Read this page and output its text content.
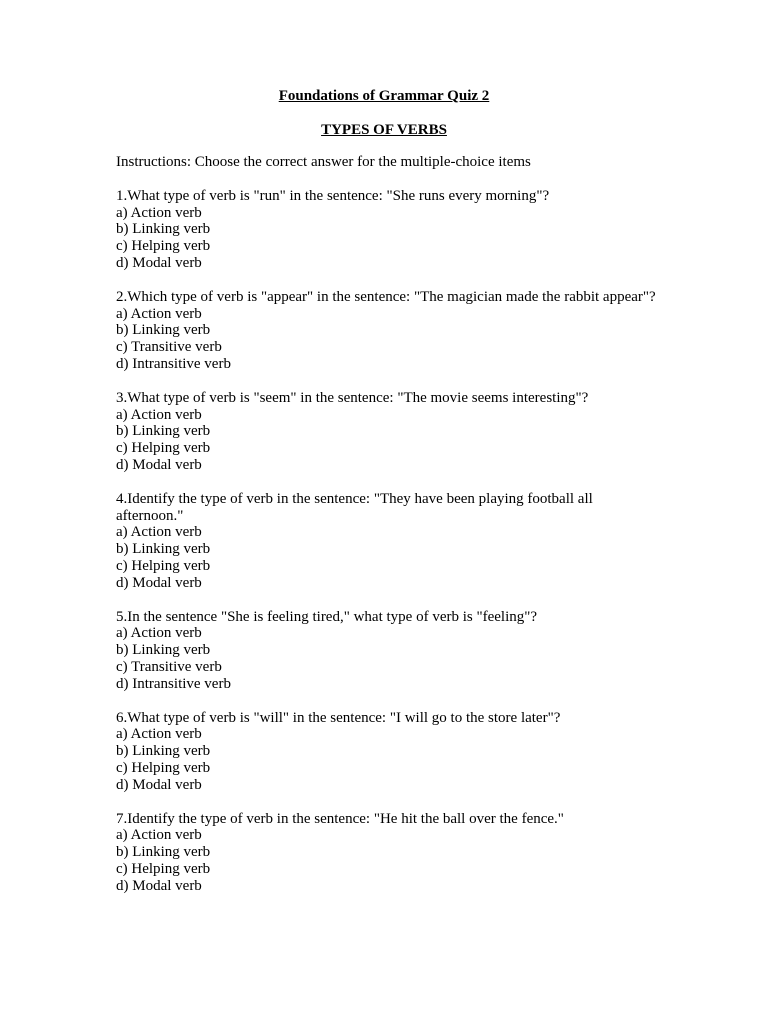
Foundations of Grammar Quiz 2
TYPES OF VERBS
Instructions: Choose the correct answer for the multiple-choice items
1.What type of verb is "run" in the sentence: "She runs every morning"?
a) Action verb
b) Linking verb
c) Helping verb
d) Modal verb
2.Which type of verb is "appear" in the sentence: "The magician made the rabbit appear"?
a) Action verb
b) Linking verb
c) Transitive verb
d) Intransitive verb
3.What type of verb is "seem" in the sentence: "The movie seems interesting"?
a) Action verb
b) Linking verb
c) Helping verb
d) Modal verb
4.Identify the type of verb in the sentence: "They have been playing football all afternoon."
a) Action verb
b) Linking verb
c) Helping verb
d) Modal verb
5.In the sentence "She is feeling tired," what type of verb is "feeling"?
a) Action verb
b) Linking verb
c) Transitive verb
d) Intransitive verb
6.What type of verb is "will" in the sentence: "I will go to the store later"?
a) Action verb
b) Linking verb
c) Helping verb
d) Modal verb
7.Identify the type of verb in the sentence: "He hit the ball over the fence."
a) Action verb
b) Linking verb
c) Helping verb
d) Modal verb
